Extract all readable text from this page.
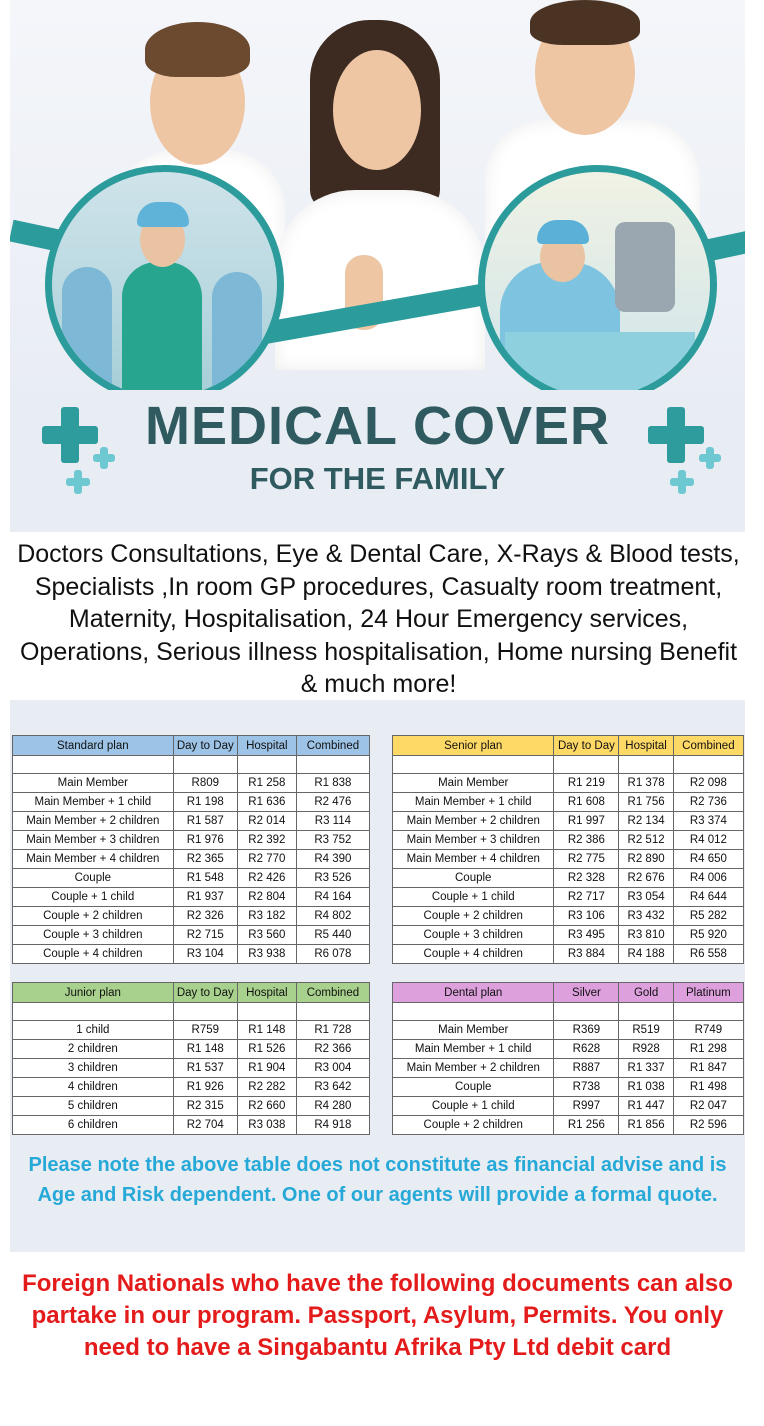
MEDICAL COVER
FOR THE FAMILY
Doctors Consultations, Eye & Dental Care, X-Rays & Blood tests, Specialists ,In room GP procedures, Casualty room treatment, Maternity, Hospitalisation, 24 Hour Emergency services, Operations, Serious illness hospitalisation, Home nursing Benefit & much more!
Standard plan	Day to Day	Hospital	Combined

Main Member	R809	R1 258	R1 838
Main Member + 1 child	R1 198	R1 636	R2 476
Main Member + 2 children	R1 587	R2 014	R3 114
Main Member + 3 children	R1 976	R2 392	R3 752
Main Member + 4 children	R2 365	R2 770	R4 390
Couple	R1 548	R2 426	R3 526
Couple + 1 child	R1 937	R2 804	R4 164
Couple + 2 children	R2 326	R3 182	R4 802
Couple + 3 children	R2 715	R3 560	R5 440
Couple + 4 children	R3 104	R3 938	R6 078
Senior plan	Day to Day	Hospital	Combined

Main Member	R1 219	R1 378	R2 098
Main Member + 1 child	R1 608	R1 756	R2 736
Main Member + 2 children	R1 997	R2 134	R3 374
Main Member + 3 children	R2 386	R2 512	R4 012
Main Member + 4 children	R2 775	R2 890	R4 650
Couple	R2 328	R2 676	R4 006
Couple + 1 child	R2 717	R3 054	R4 644
Couple + 2 children	R3 106	R3 432	R5 282
Couple + 3 children	R3 495	R3 810	R5 920
Couple + 4 children	R3 884	R4 188	R6 558
Junior plan	Day to Day	Hospital	Combined

1 child	R759	R1 148	R1 728
2 children	R1 148	R1 526	R2 366
3 children	R1 537	R1 904	R3 004
4 children	R1 926	R2 282	R3 642
5 children	R2 315	R2 660	R4 280
6 children	R2 704	R3 038	R4 918
Dental plan	Silver	Gold	Platinum

Main Member	R369	R519	R749
Main Member + 1 child	R628	R928	R1 298
Main Member + 2 children	R887	R1 337	R1 847
Couple	R738	R1 038	R1 498
Couple + 1 child	R997	R1 447	R2 047
Couple + 2 children	R1 256	R1 856	R2 596
Please note the above table does not constitute as financial advise and is Age and Risk dependent. One of our agents will provide a formal quote.
Foreign Nationals who have the following documents can also partake in our program. Passport, Asylum, Permits. You only need to have a Singabantu Afrika Pty Ltd debit card
